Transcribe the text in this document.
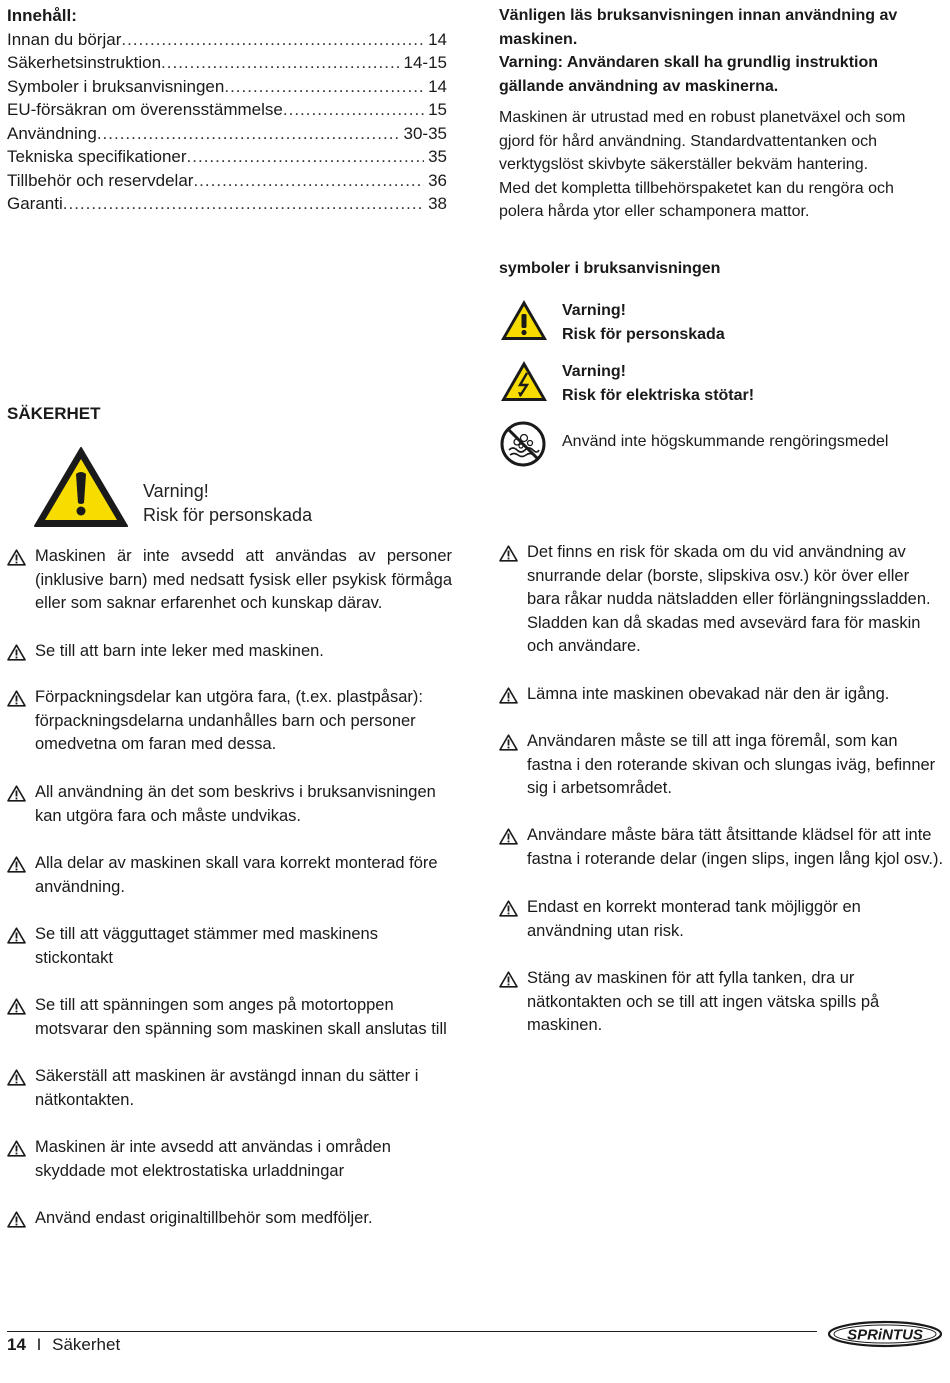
Innehåll:
Innan du börjar .....	14
Säkerhetsinstruktion .....	14-15
Symboler i bruksanvisningen .....	14
EU-försäkran om överensstämmelse .....	15
Användning .....	30-35
Tekniska specifikationer .....	35
Tillbehör och reservdelar .....	36
Garanti .....	38

Vänligen läs bruksanvisningen innan användning av maskinen.
Varning: Användaren skall ha grundlig instruktion gällande användning av maskinerna.

Maskinen är utrustad med en robust planetväxel och som gjord för hård användning. Standardvattentanken och verktygslöst skivbyte säkerställer bekväm hantering.
Med det kompletta tillbehörspaketet kan du rengöra och polera hårda ytor eller schamponera mattor.

symboler i bruksanvisningen
Varning!
Risk för personskada
Varning!
Risk för elektriska stötar!
Använd inte högskummande rengöringsmedel
SÄKERHET
Varning!
Risk för personskada
Maskinen är inte avsedd att användas av personer (inklusive barn) med nedsatt fysisk eller psykisk förmåga eller som saknar erfarenhet och kunskap därav.
Se till att barn inte leker med maskinen.
Förpackningsdelar kan utgöra fara, (t.ex. plastpåsar): förpackningsdelarna undanhålles barn och personer omedvetna om faran med dessa.
All användning än det som beskrivs i bruksanvisningen kan utgöra fara och måste undvikas.
Alla delar av maskinen skall vara korrekt monterad före användning.
Se till att vägguttaget stämmer med maskinens stickontakt
Se till att spänningen som anges på motortoppen motsvarar den spänning som maskinen skall anslutas till
Säkerställ att maskinen är avstängd innan du sätter i nätkontakten.
Maskinen är inte avsedd att användas i områden skyddade mot elektrostatiska urladdningar
Använd endast originaltillbehör som medföljer.
Det finns en risk för skada om du vid användning av snurrande delar (borste, slipskiva osv.) kör över eller bara råkar nudda nätsladden eller förlängningssladden. Sladden kan då skadas med avsevärd fara för maskin och användare.
Lämna inte maskinen obevakad när den är igång.
Användaren måste se till att inga föremål, som kan fastna i den roterande skivan och slungas iväg, befinner sig i arbetsområdet.
Användare måste bära tätt åtsittande klädsel för att inte fastna i roterande delar (ingen slips, ingen lång kjol osv.).
Endast en korrekt monterad tank möjliggör en användning utan risk.
Stäng av maskinen för att fylla tanken, dra ur nätkontakten och se till att ingen vätska spills på maskinen.
14 I Säkerhet	SPRiNTUS
